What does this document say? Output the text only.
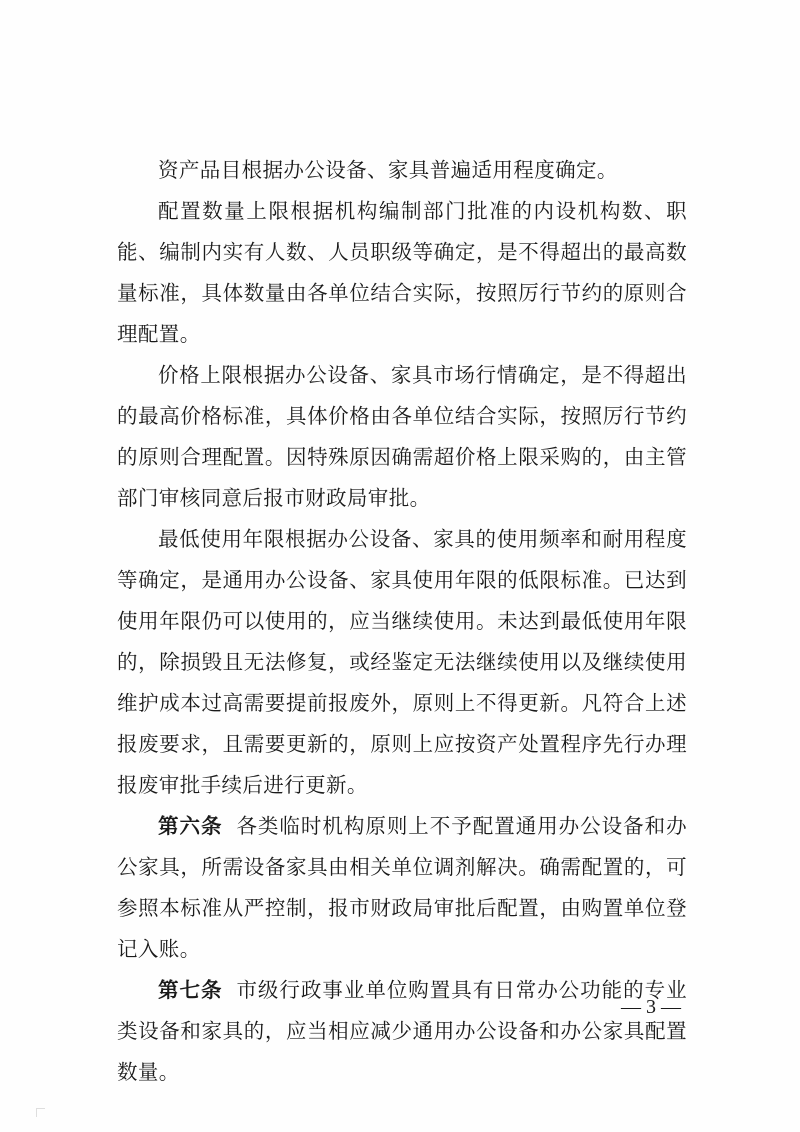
资产品目根据办公设备、家具普遍适用程度确定。

配置数量上限根据机构编制部门批准的内设机构数、职能、编制内实有人数、人员职级等确定，是不得超出的最高数量标准，具体数量由各单位结合实际，按照厉行节约的原则合理配置。

价格上限根据办公设备、家具市场行情确定，是不得超出的最高价格标准，具体价格由各单位结合实际，按照厉行节约的原则合理配置。因特殊原因确需超价格上限采购的，由主管部门审核同意后报市财政局审批。

最低使用年限根据办公设备、家具的使用频率和耐用程度等确定，是通用办公设备、家具使用年限的低限标准。已达到使用年限仍可以使用的，应当继续使用。未达到最低使用年限的，除损毁且无法修复，或经鉴定无法继续使用以及继续使用维护成本过高需要提前报废外，原则上不得更新。凡符合上述报废要求，且需要更新的，原则上应按资产处置程序先行办理报废审批手续后进行更新。

第六条 各类临时机构原则上不予配置通用办公设备和办公家具，所需设备家具由相关单位调剂解决。确需配置的，可参照本标准从严控制，报市财政局审批后配置，由购置单位登记入账。

第七条 市级行政事业单位购置具有日常办公功能的专业类设备和家具的，应当相应减少通用办公设备和办公家具配置数量。

— 3 —
